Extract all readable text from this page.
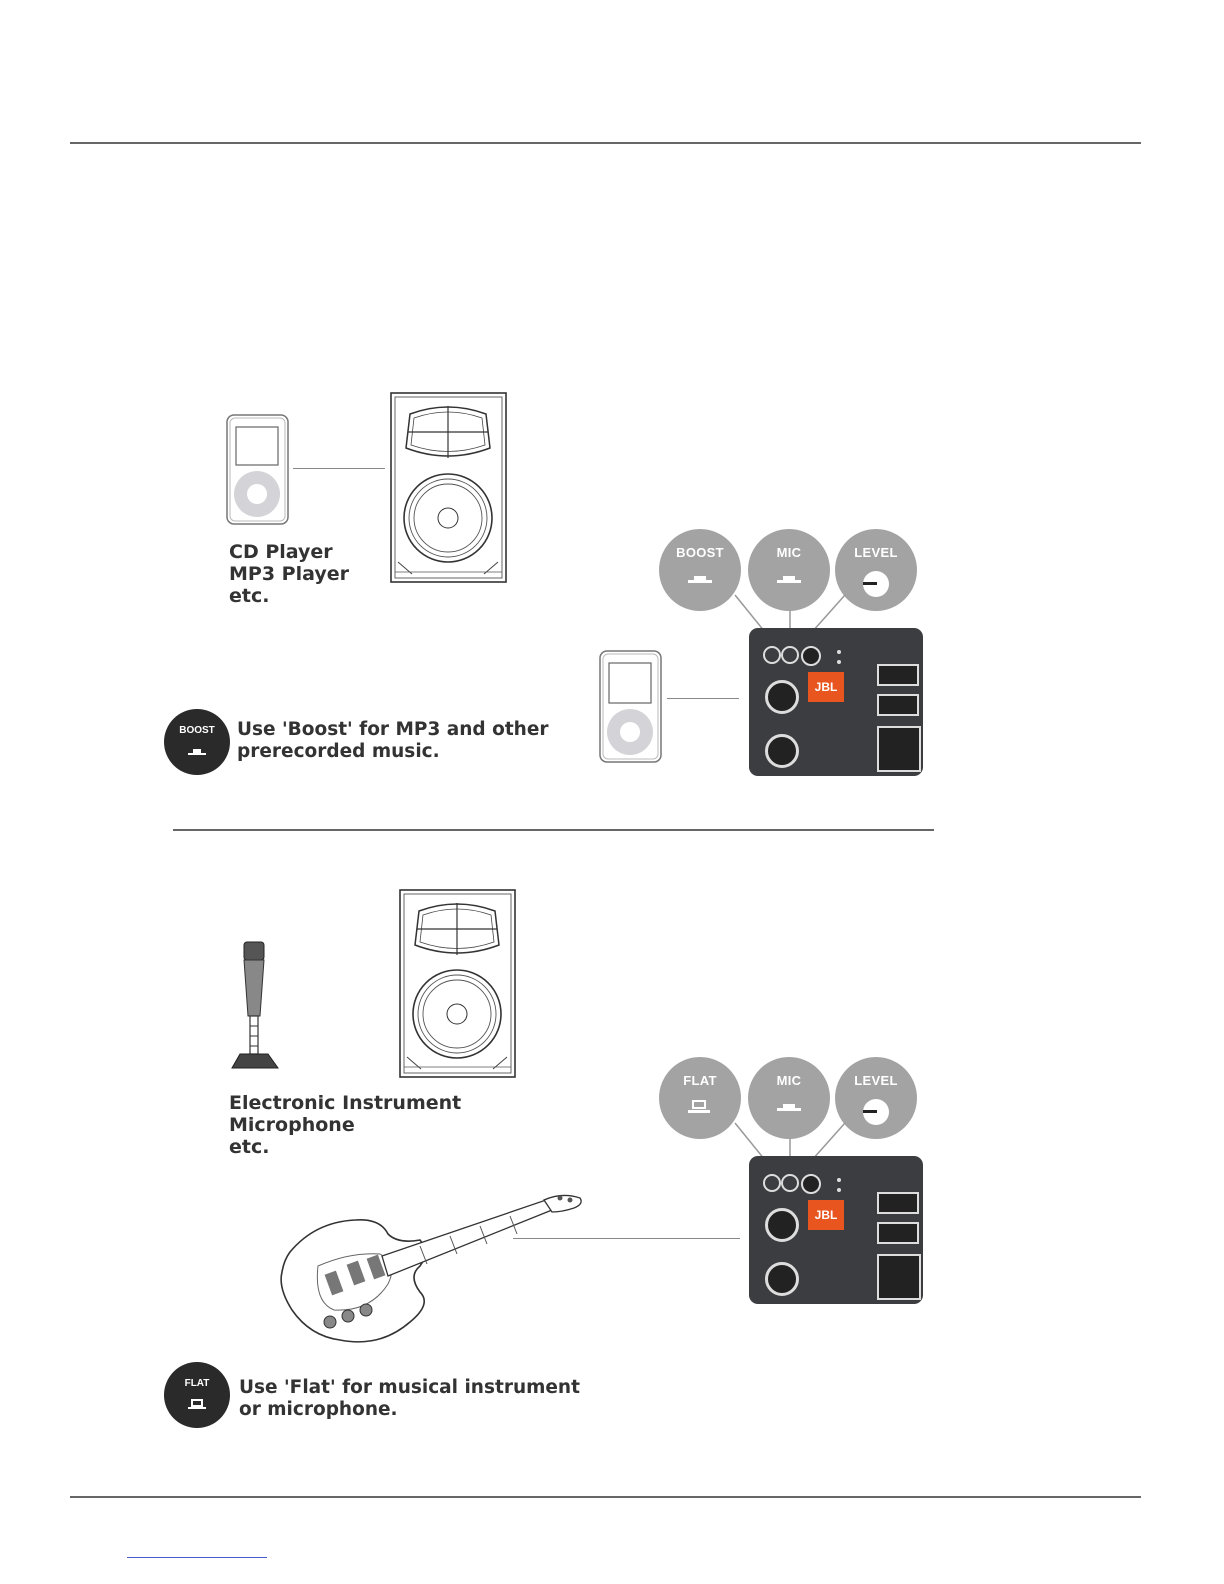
CD Player
MP3 Player
etc.
BOOST	MIC	LEVEL
JBL
BOOST	Use 'Boost' for MP3 and other
prerecorded music.
Electronic Instrument
Microphone
etc.
FLAT	MIC	LEVEL
JBL
FLAT	Use 'Flat' for musical instrument
or microphone.
